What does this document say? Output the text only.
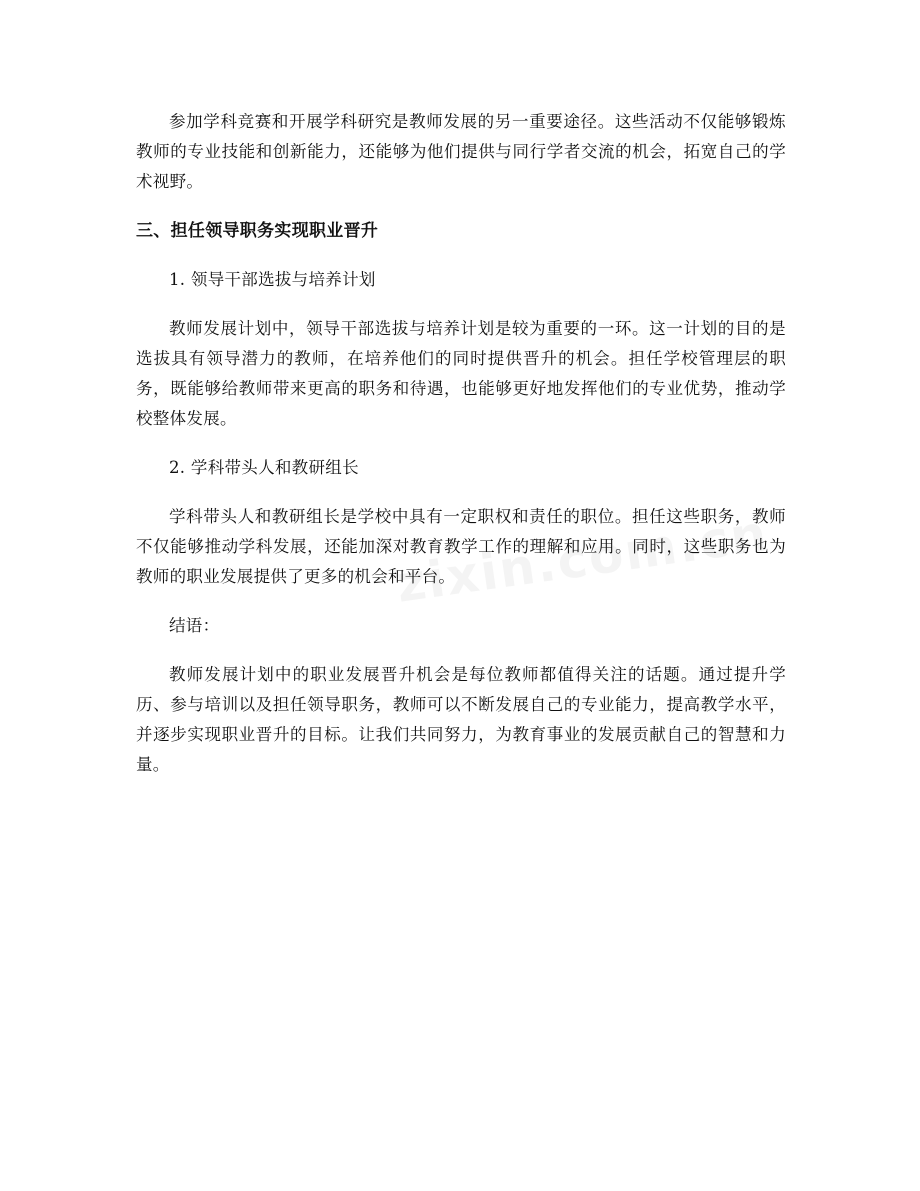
参加学科竞赛和开展学科研究是教师发展的另一重要途径。这些活动不仅能够锻炼教师的专业技能和创新能力，还能够为他们提供与同行学者交流的机会，拓宽自己的学术视野。

三、担任领导职务实现职业晋升

1. 领导干部选拔与培养计划

教师发展计划中，领导干部选拔与培养计划是较为重要的一环。这一计划的目的是选拔具有领导潜力的教师，在培养他们的同时提供晋升的机会。担任学校管理层的职务，既能够给教师带来更高的职务和待遇，也能够更好地发挥他们的专业优势，推动学校整体发展。

2. 学科带头人和教研组长

学科带头人和教研组长是学校中具有一定职权和责任的职位。担任这些职务，教师不仅能够推动学科发展，还能加深对教育教学工作的理解和应用。同时，这些职务也为教师的职业发展提供了更多的机会和平台。

结语：

教师发展计划中的职业发展晋升机会是每位教师都值得关注的话题。通过提升学历、参与培训以及担任领导职务，教师可以不断发展自己的专业能力，提高教学水平，并逐步实现职业晋升的目标。让我们共同努力，为教育事业的发展贡献自己的智慧和力量。
